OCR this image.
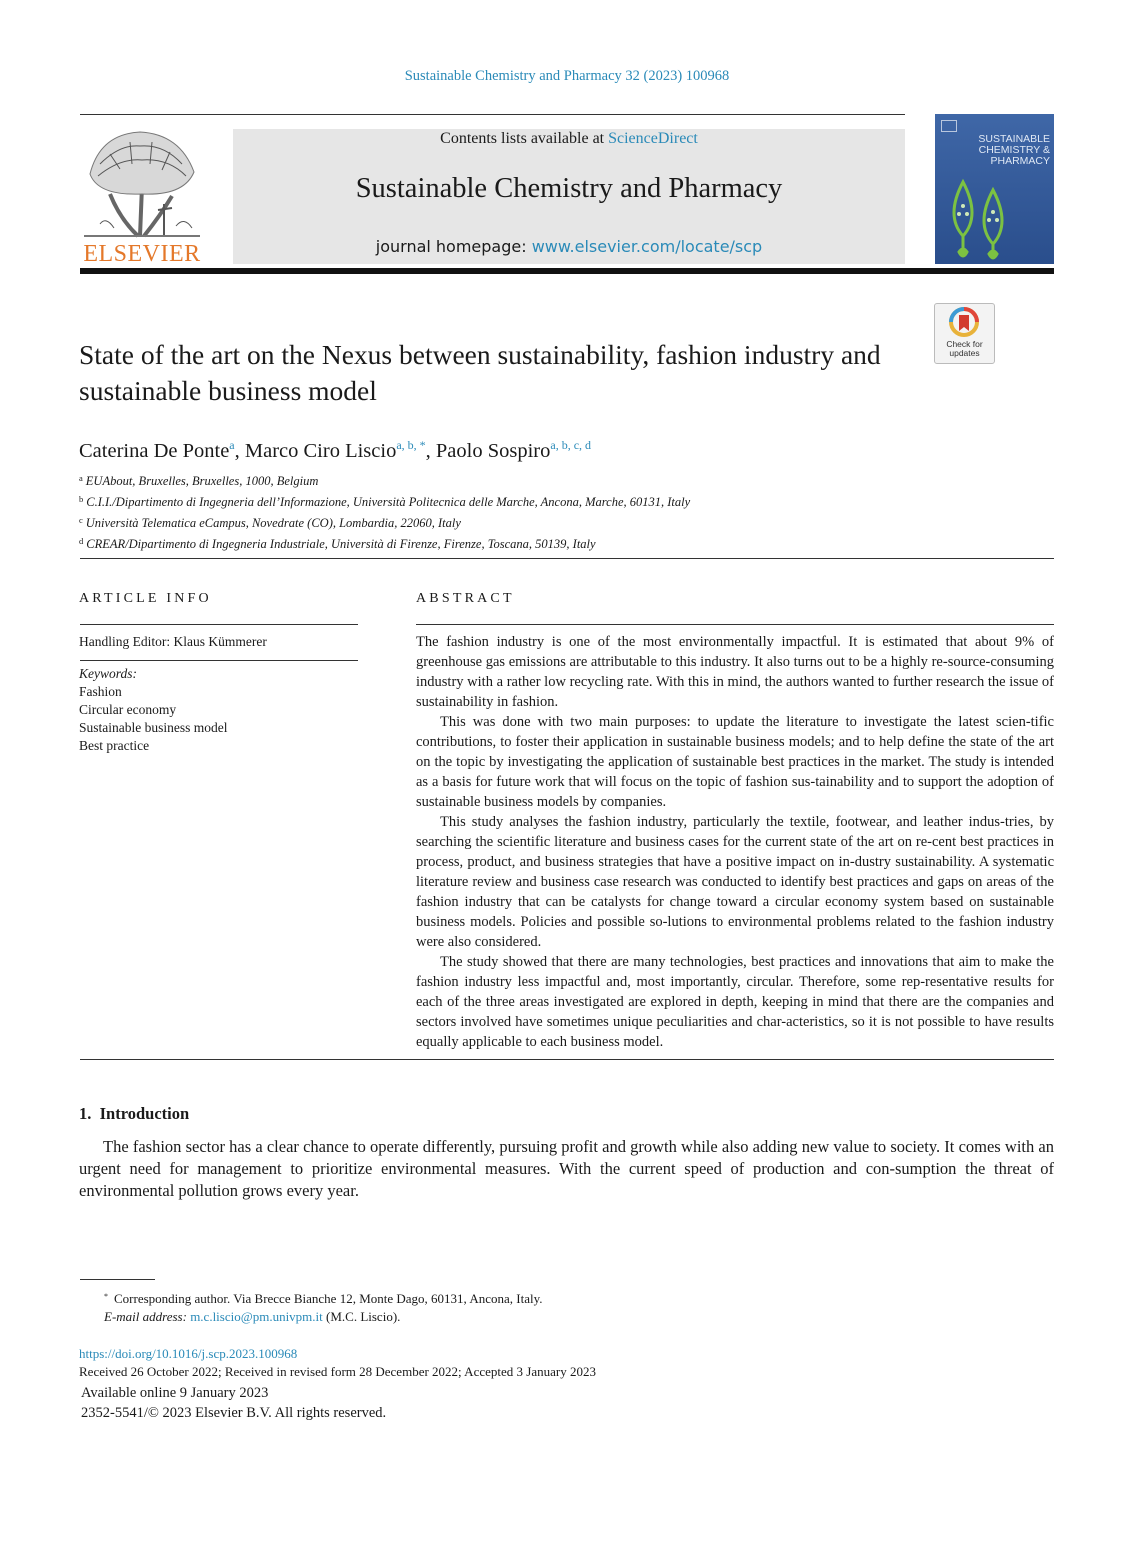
Sustainable Chemistry and Pharmacy 32 (2023) 100968
ELSEVIER
Contents lists available at ScienceDirect
Sustainable Chemistry and Pharmacy
journal homepage: www.elsevier.com/locate/scp
SUSTAINABLE CHEMISTRY & PHARMACY
Check for updates
State of the art on the Nexus between sustainability, fashion industry and sustainable business model
Caterina De Ponte$^a$, Marco Ciro Liscio$^{a, b, *}$, Paolo Sospiro$^{a, b, c, d}$
$^a$ EUAbout, Bruxelles, Bruxelles, 1000, Belgium
$^b$ C.I.I./Dipartimento di Ingegneria dell’Informazione, Università Politecnica delle Marche, Ancona, Marche, 60131, Italy
$^c$ Università Telematica eCampus, Novedrate (CO), Lombardia, 22060, Italy
$^d$ CREAR/Dipartimento di Ingegneria Industriale, Università di Firenze, Firenze, Toscana, 50139, Italy
ARTICLE INFO	ABSTRACT
Handling Editor: Klaus Kümmerer
Keywords:
Fashion
Circular economy
Sustainable business model
Best practice

The fashion industry is one of the most environmentally impactful. It is estimated that about 9% of greenhouse gas emissions are attributable to this industry. It also turns out to be a highly re-source-consuming industry with a rather low recycling rate. With this in mind, the authors wanted to further research the issue of sustainability in fashion.

This was done with two main purposes: to update the literature to investigate the latest scien-tific contributions, to foster their application in sustainable business models; and to help define the state of the art on the topic by investigating the application of sustainable best practices in the market. The study is intended as a basis for future work that will focus on the topic of fashion sus-tainability and to support the adoption of sustainable business models by companies.

This study analyses the fashion industry, particularly the textile, footwear, and leather indus-tries, by searching the scientific literature and business cases for the current state of the art on re-cent best practices in process, product, and business strategies that have a positive impact on in-dustry sustainability. A systematic literature review and business case research was conducted to identify best practices and gaps on areas of the fashion industry that can be catalysts for change toward a circular economy system based on sustainable business models. Policies and possible so-lutions to environmental problems related to the fashion industry were also considered.

The study showed that there are many technologies, best practices and innovations that aim to make the fashion industry less impactful and, most importantly, circular. Therefore, some rep-resentative results for each of the three areas investigated are explored in depth, keeping in mind that there are the companies and sectors involved have sometimes unique peculiarities and char-acteristics, so it is not possible to have results equally applicable to each business model.

1.  Introduction
The fashion sector has a clear chance to operate differently, pursuing profit and growth while also adding new value to society. It comes with an urgent need for management to prioritize environmental measures. With the current speed of production and con-sumption the threat of environmental pollution grows every year.
* Corresponding author. Via Brecce Bianche 12, Monte Dago, 60131, Ancona, Italy.
E-mail address: m.c.liscio@pm.univpm.it (M.C. Liscio).
https://doi.org/10.1016/j.scp.2023.100968
Received 26 October 2022; Received in revised form 28 December 2022; Accepted 3 January 2023
Available online 9 January 2023
2352-5541/© 2023 Elsevier B.V. All rights reserved.
